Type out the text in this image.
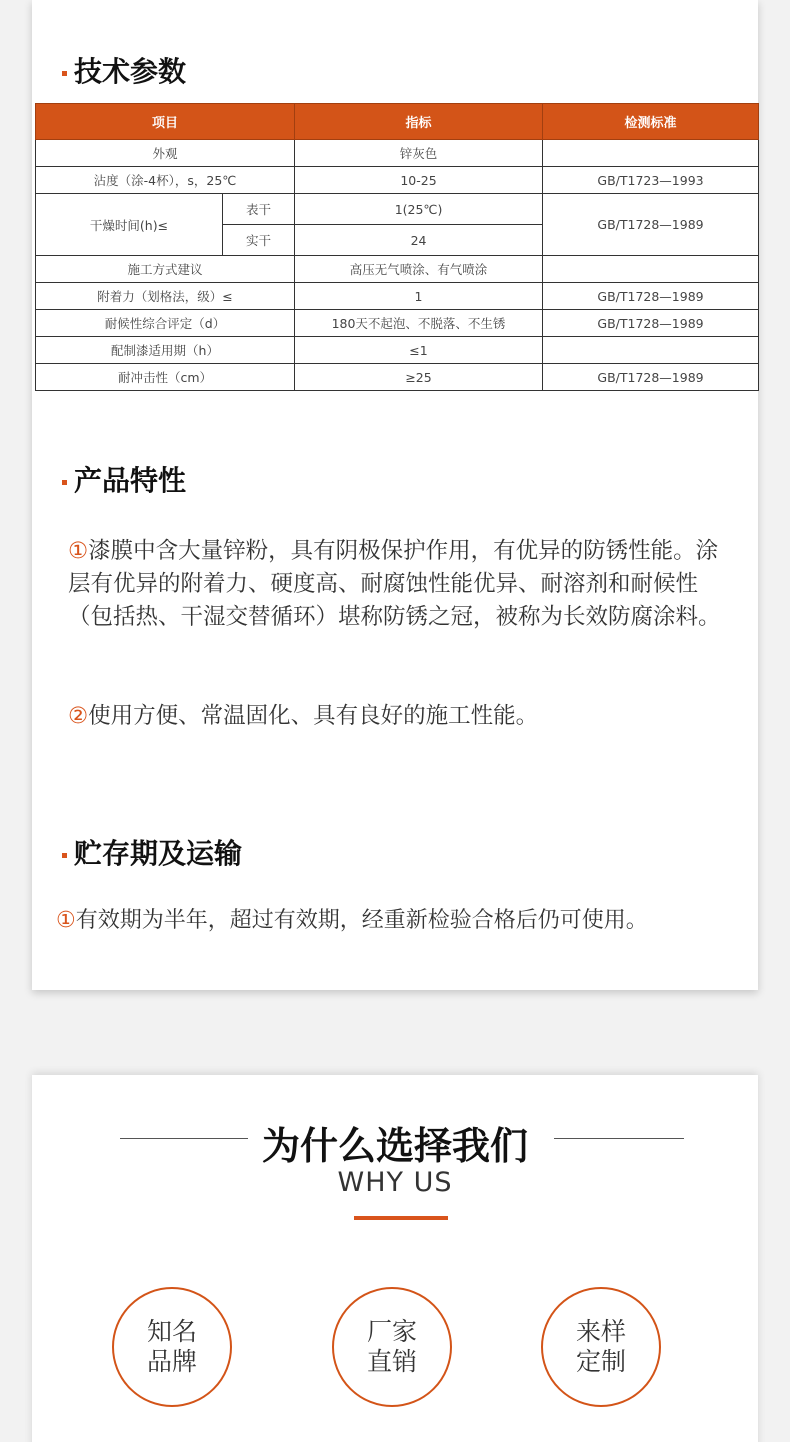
技术参数
项目		指标	检测标准
外观		锌灰色	
沾度（涂-4杯），s，25℃		10-25	GB/T1723—1993
干燥时间(h)≤	表干	1(25℃)	GB/T1728—1989
	实干	24	
施工方式建议		高压无气喷涂、有气喷涂	
附着力（划格法，级）≤		1	GB/T1728—1989
耐候性综合评定（d）		180天不起泡、不脱落、不生锈	GB/T1728—1989
配制漆适用期（h）		≤1	
耐冲击性（cm）		≥25	GB/T1728—1989
产品特性

①漆膜中含大量锌粉，具有阴极保护作用，有优异的防锈性能。涂层有优异的附着力、硬度高、耐腐蚀性能优异、耐溶剂和耐候性（包括热、干湿交替循环）堪称防锈之冠，被称为长效防腐涂料。

②使用方便、常温固化、具有良好的施工性能。

贮存期及运输

①有效期为半年，超过有效期，经重新检验合格后仍可使用。

为什么选择我们
WHY US
知名
品牌
厂家
直销
来样
定制
